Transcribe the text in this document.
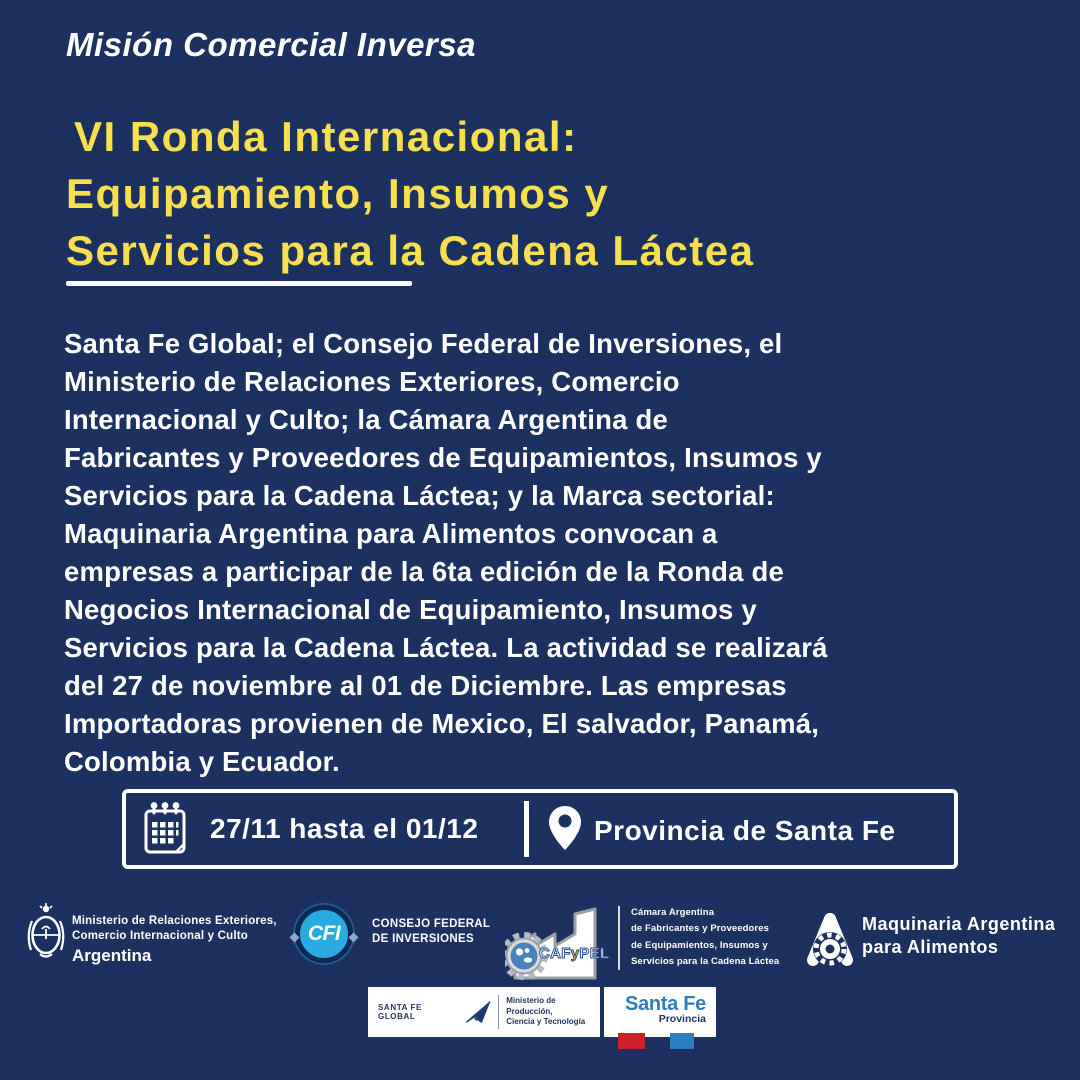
Misión Comercial Inversa
VI Ronda Internacional:
Equipamiento, Insumos y
Servicios para la Cadena Láctea
Santa Fe Global; el Consejo Federal de Inversiones, el
Ministerio de Relaciones Exteriores, Comercio
Internacional y Culto; la Cámara Argentina de
Fabricantes y Proveedores de Equipamientos, Insumos y
Servicios para la Cadena Láctea; y la Marca sectorial:
Maquinaria Argentina para Alimentos convocan a
empresas a participar de la 6ta edición de la Ronda de
Negocios Internacional de Equipamiento, Insumos y
Servicios para la Cadena Láctea. La actividad se realizará
del 27 de noviembre al 01 de Diciembre. Las empresas
Importadoras provienen de Mexico, El salvador, Panamá,
Colombia y Ecuador.
27/11 hasta el 01/12	Provincia de Santa Fe
Ministerio de Relaciones Exteriores,
Comercio Internacional y Culto
Argentina
CFI	CONSEJO FEDERAL
DE INVERSIONES
CAFyPEL
Cámara Argentina
de Fabricantes y Proveedores
de Equipamientos, Insumos y
Servicios para la Cadena Láctea
Maquinaria Argentina
para Alimentos
SANTA FE GLOBAL
Ministerio de Producción,
Ciencia y Tecnología
Santa Fe
Provincia
